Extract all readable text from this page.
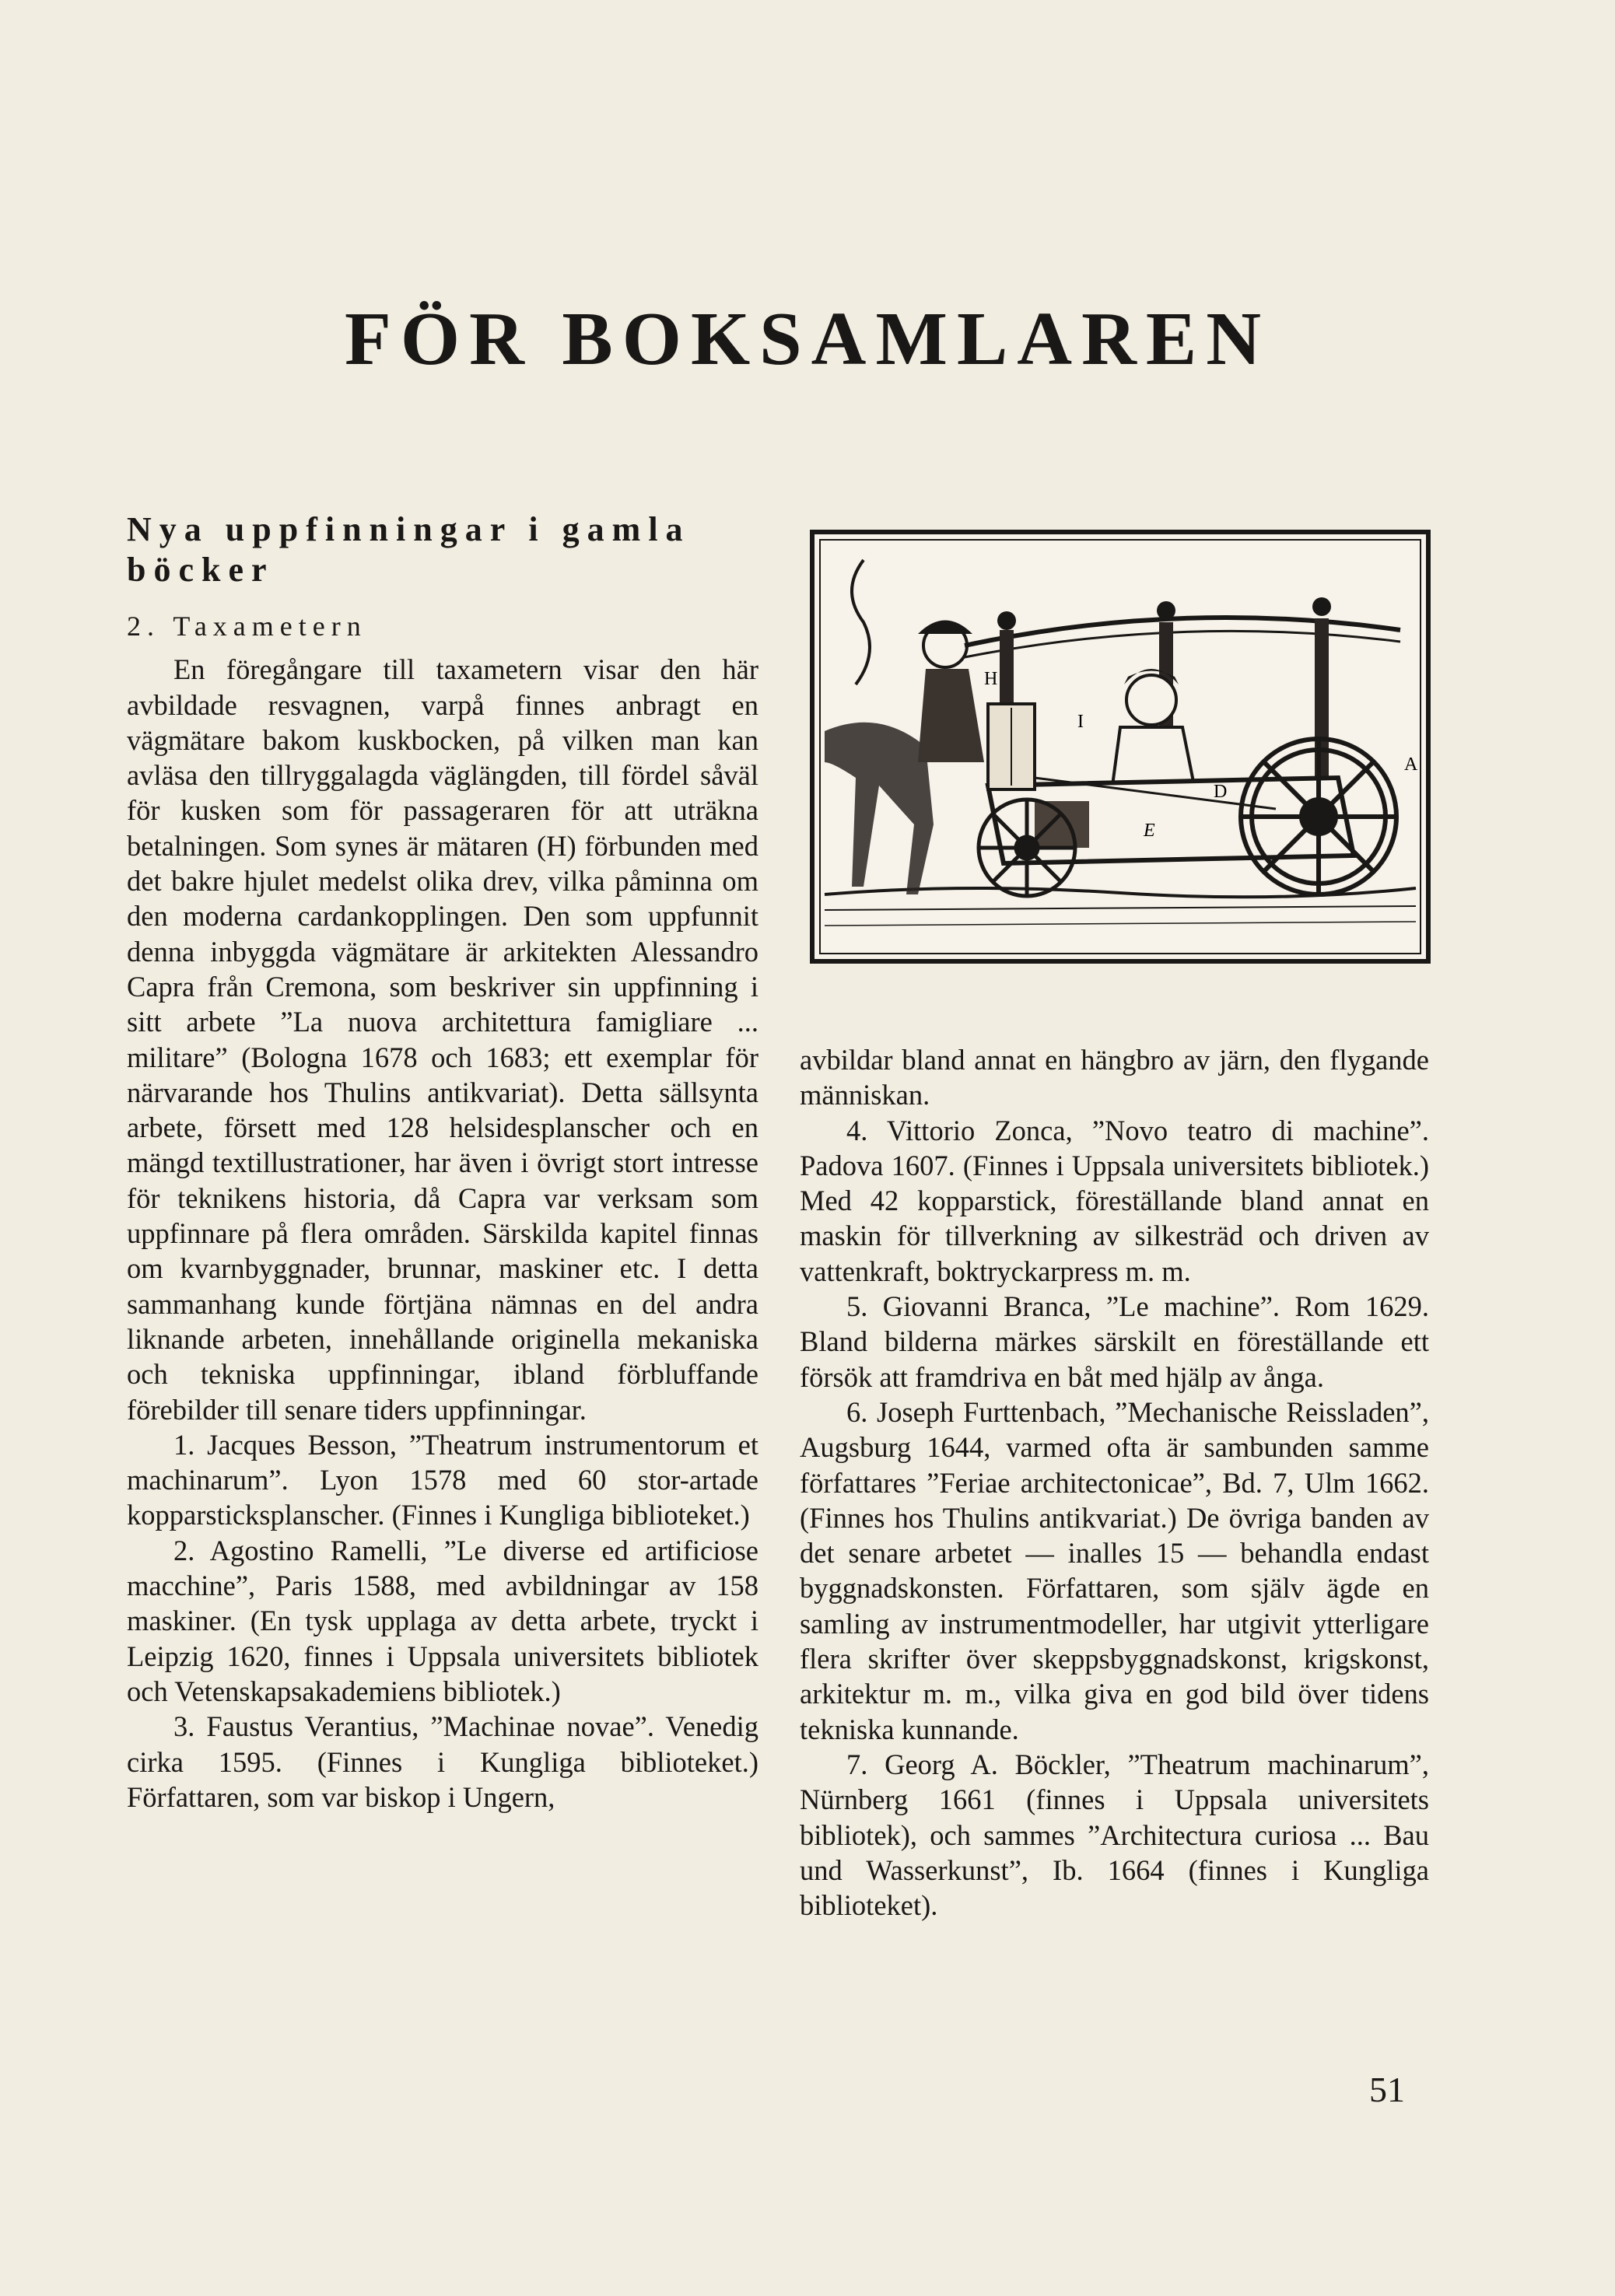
FÖR BOKSAMLAREN
Nya uppfinningar i gamla böcker
2. Taxametern

En föregångare till taxametern visar den här avbildade resvagnen, varpå finnes anbragt en vägmätare bakom kuskbocken, på vilken man kan avläsa den tillryggalagda väglängden, till fördel såväl för kusken som för passageraren för att uträkna betalningen. Som synes är mätaren (H) förbunden med det bakre hjulet medelst olika drev, vilka påminna om den moderna cardankopplingen. Den som uppfunnit denna inbyggda vägmätare är arkitekten Alessandro Capra från Cremona, som beskriver sin uppfinning i sitt arbete ”La nuova architettura famigliare ... militare” (Bologna 1678 och 1683; ett exemplar för närvarande hos Thulins antikvariat). Detta sällsynta arbete, försett med 128 helsidesplanscher och en mängd textillustrationer, har även i övrigt stort intresse för teknikens historia, då Capra var verksam som uppfinnare på flera områden. Särskilda kapitel finnas om kvarnbyggnader, brunnar, maskiner etc. I detta sammanhang kunde förtjäna nämnas en del andra liknande arbeten, innehållande originella mekaniska och tekniska uppfinningar, ibland förbluffande förebilder till senare tiders uppfinningar.

1. Jacques Besson, ”Theatrum instrumentorum et machinarum”. Lyon 1578 med 60 stor-artade kopparsticksplanscher. (Finnes i Kungliga biblioteket.)

2. Agostino Ramelli, ”Le diverse ed artificiose macchine”, Paris 1588, med avbildningar av 158 maskiner. (En tysk upplaga av detta arbete, tryckt i Leipzig 1620, finnes i Uppsala universitets bibliotek och Vetenskapsakademiens bibliotek.)

3. Faustus Verantius, ”Machinae novae”. Venedig cirka 1595. (Finnes i Kungliga biblioteket.) Författaren, som var biskop i Ungern,

H
I
D
E
A

avbildar bland annat en hängbro av järn, den flygande människan.

4. Vittorio Zonca, ”Novo teatro di machine”. Padova 1607. (Finnes i Uppsala universitets bibliotek.) Med 42 kopparstick, föreställande bland annat en maskin för tillverkning av silkesträd och driven av vattenkraft, boktryckarpress m. m.

5. Giovanni Branca, ”Le machine”. Rom 1629. Bland bilderna märkes särskilt en föreställande ett försök att framdriva en båt med hjälp av ånga.

6. Joseph Furttenbach, ”Mechanische Reissladen”, Augsburg 1644, varmed ofta är sambunden samme författares ”Feriae architectonicae”, Bd. 7, Ulm 1662. (Finnes hos Thulins antikvariat.) De övriga banden av det senare arbetet — inalles 15 — behandla endast byggnadskonsten. Författaren, som själv ägde en samling av instrumentmodeller, har utgivit ytterligare flera skrifter över skeppsbyggnadskonst, krigskonst, arkitektur m. m., vilka giva en god bild över tidens tekniska kunnande.

7. Georg A. Böckler, ”Theatrum machinarum”, Nürnberg 1661 (finnes i Uppsala universitets bibliotek), och sammes ”Architectura curiosa ... Bau und Wasserkunst”, Ib. 1664 (finnes i Kungliga biblioteket).

51
